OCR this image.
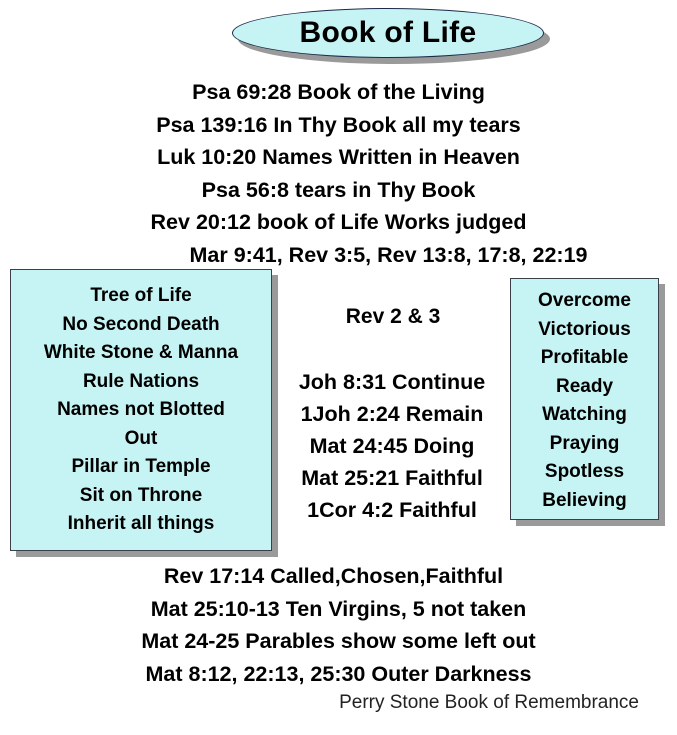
Book of Life
Psa 69:28 Book of the Living
Psa 139:16 In Thy Book all my tears
Luk 10:20 Names Written in Heaven
Psa 56:8 tears in Thy Book
Rev 20:12 book of Life Works judged
Mar 9:41, Rev 3:5, Rev 13:8, 17:8, 22:19
Tree of Life
No Second Death
White Stone & Manna
Rule Nations
Names not Blotted
Out
Pillar in Temple
Sit on Throne
Inherit all things
Rev 2 & 3
Joh 8:31 Continue
1Joh 2:24 Remain
Mat 24:45 Doing
Mat 25:21 Faithful
1Cor 4:2 Faithful
Overcome
Victorious
Profitable
Ready
Watching
Praying
Spotless
Believing
Rev 17:14 Called,Chosen,Faithful
Mat 25:10-13 Ten Virgins, 5 not taken
Mat 24-25 Parables show some left out
Mat 8:12, 22:13, 25:30 Outer Darkness
Perry Stone Book of Remembrance
